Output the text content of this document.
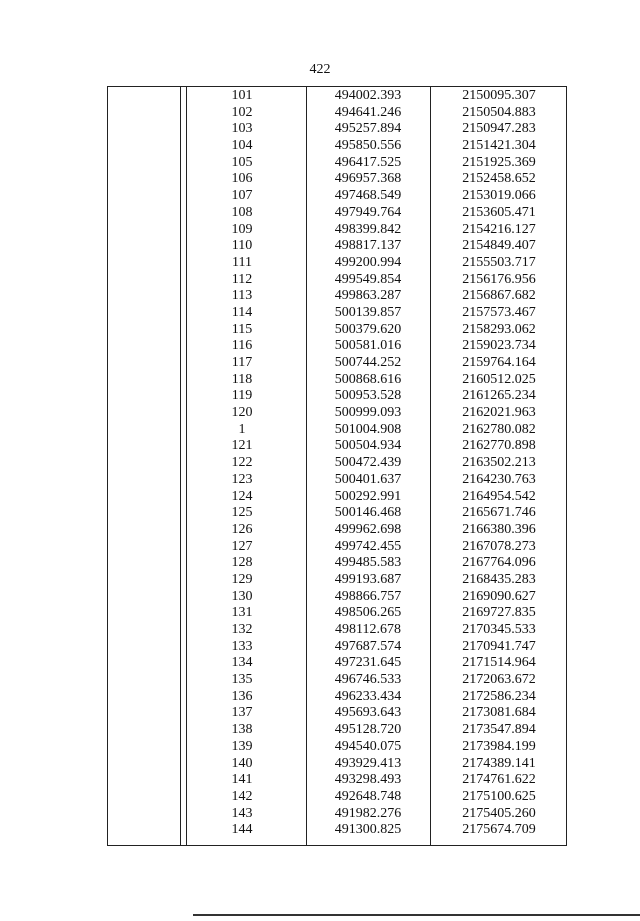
422
101	494002.393	2150095.307
102	494641.246	2150504.883
103	495257.894	2150947.283
104	495850.556	2151421.304
105	496417.525	2151925.369
106	496957.368	2152458.652
107	497468.549	2153019.066
108	497949.764	2153605.471
109	498399.842	2154216.127
110	498817.137	2154849.407
111	499200.994	2155503.717
112	499549.854	2156176.956
113	499863.287	2156867.682
114	500139.857	2157573.467
115	500379.620	2158293.062
116	500581.016	2159023.734
117	500744.252	2159764.164
118	500868.616	2160512.025
119	500953.528	2161265.234
120	500999.093	2162021.963
1	501004.908	2162780.082
121	500504.934	2162770.898
122	500472.439	2163502.213
123	500401.637	2164230.763
124	500292.991	2164954.542
125	500146.468	2165671.746
126	499962.698	2166380.396
127	499742.455	2167078.273
128	499485.583	2167764.096
129	499193.687	2168435.283
130	498866.757	2169090.627
131	498506.265	2169727.835
132	498112.678	2170345.533
133	497687.574	2170941.747
134	497231.645	2171514.964
135	496746.533	2172063.672
136	496233.434	2172586.234
137	495693.643	2173081.684
138	495128.720	2173547.894
139	494540.075	2173984.199
140	493929.413	2174389.141
141	493298.493	2174761.622
142	492648.748	2175100.625
143	491982.276	2175405.260
144	491300.825	2175674.709
